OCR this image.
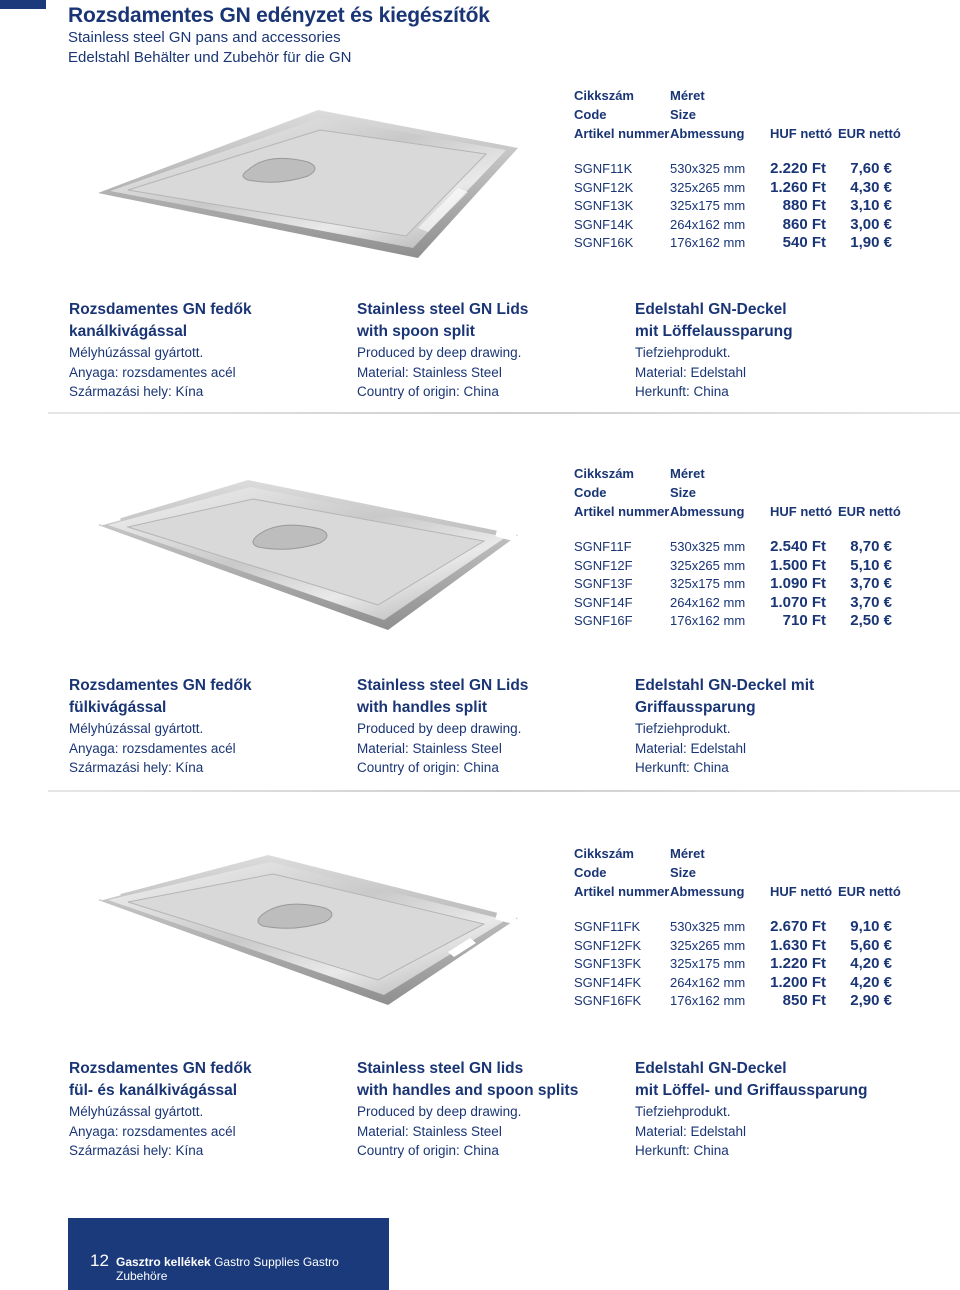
Rozsdamentes GN edényzet és kiegészítők
Stainless steel GN pans and accessories
Edelstahl Behälter und Zubehör für die GN
Cikkszám	Méret
Code	Size
Artikel nummer Abmessung HUF nettó EUR nettó
SGNF11K	530x325 mm 2.220 Ft 7,60 €
SGNF12K	325x265 mm 1.260 Ft 4,30 €
SGNF13K	325x175 mm 880 Ft 3,10 €
SGNF14K	264x162 mm 860 Ft 3,00 €
SGNF16K	176x162 mm 540 Ft 1,90 €
Rozsdamentes GN fedők
kanálkivágással
Mélyhúzással gyártott.
Anyaga: rozsdamentes acél
Származási hely: Kína
Stainless steel GN Lids
with spoon split
Produced by deep drawing.
Material: Stainless Steel
Country of origin: China
Edelstahl GN-Deckel
mit Löffelaussparung
Tiefziehprodukt.
Material: Edelstahl
Herkunft: China
Cikkszám	Méret
Code	Size
Artikel nummer Abmessung HUF nettó EUR nettó
SGNF11F	530x325 mm 2.540 Ft 8,70 €
SGNF12F	325x265 mm 1.500 Ft 5,10 €
SGNF13F	325x175 mm 1.090 Ft 3,70 €
SGNF14F	264x162 mm 1.070 Ft 3,70 €
SGNF16F	176x162 mm 710 Ft 2,50 €
Rozsdamentes GN fedők
fülkivágással
Mélyhúzással gyártott.
Anyaga: rozsdamentes acél
Származási hely: Kína
Stainless steel GN Lids
with handles split
Produced by deep drawing.
Material: Stainless Steel
Country of origin: China
Edelstahl GN-Deckel mit
Griffaussparung
Tiefziehprodukt.
Material: Edelstahl
Herkunft: China
Cikkszám	Méret
Code	Size
Artikel nummer Abmessung HUF nettó EUR nettó
SGNF11FK 530x325 mm 2.670 Ft 9,10 €
SGNF12FK 325x265 mm 1.630 Ft 5,60 €
SGNF13FK 325x175 mm 1.220 Ft 4,20 €
SGNF14FK 264x162 mm 1.200 Ft 4,20 €
SGNF16FK 176x162 mm 850 Ft 2,90 €
Rozsdamentes GN fedők
fül- és kanálkivágással
Mélyhúzással gyártott.
Anyaga: rozsdamentes acél
Származási hely: Kína
Stainless steel GN lids
with handles and spoon splits
Produced by deep drawing.
Material: Stainless Steel
Country of origin: China
Edelstahl GN-Deckel
mit Löffel- und Griffaussparung
Tiefziehprodukt.
Material: Edelstahl
Herkunft: China
12 Gasztro kellékek Gastro Supplies Gastro Zubehöre
